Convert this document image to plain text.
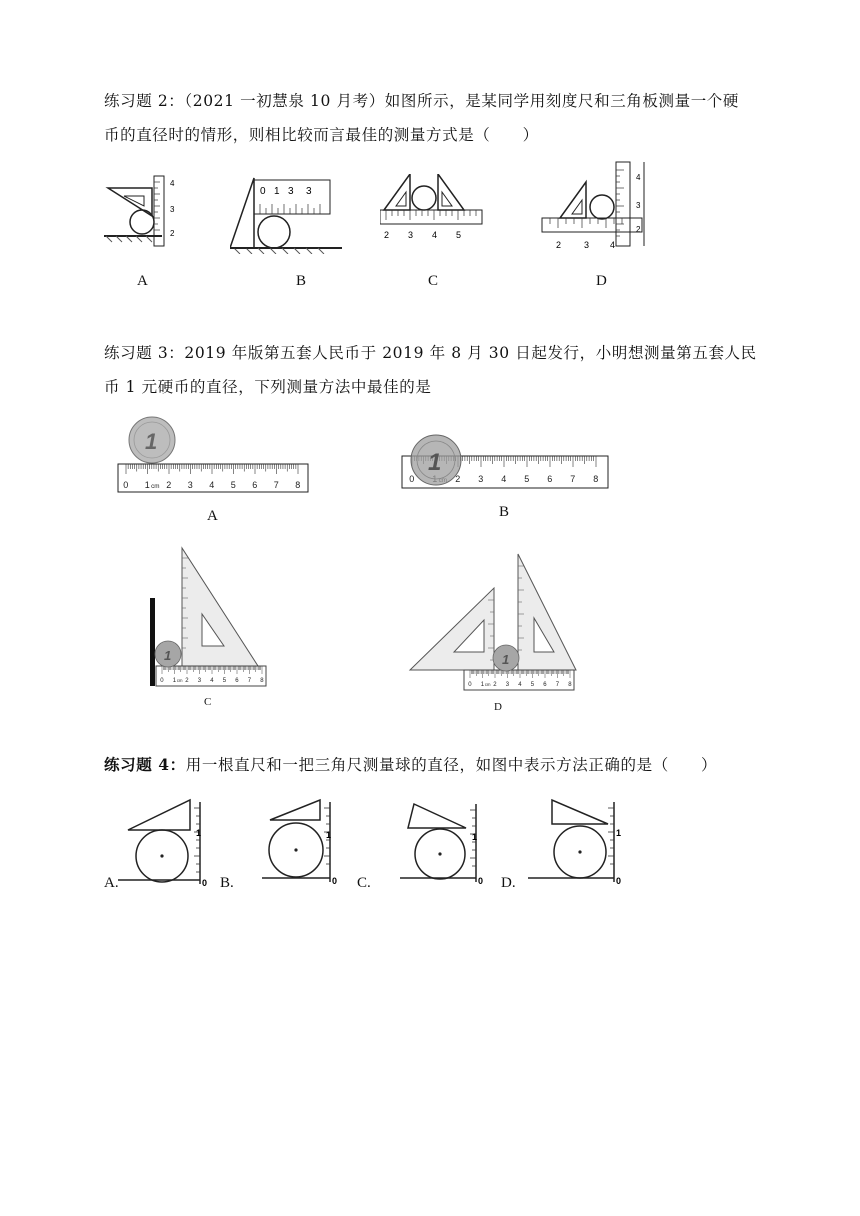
练习题 2：（2021 一初慧泉 10 月考）如图所示，是某同学用刻度尺和三角板测量一个硬
币的直径时的情形，则相比较而言最佳的测量方式是（　　）
4
3
2
0 1 3 3
2 3 4 5
2	3 4
4
3
2
A	B	C	D
练习题 3：2019 年版第五套人民币于 2019 年 8 月 30 日起发行，小明想测量第五套人民
币 1 元硬币的直径，下列测量方法中最佳的是
1
0 1 cm 2 3 4 5 6 7 8
0	2 3 4 5 6 7 8
1
A	B
0 1 cm 2 3 4 5 6 7 8
1
0 1 cm 2 3 4 5 6 7 8
1
C	D
练习题 4：用一根直尺和一把三角尺测量球的直径，如图中表示方法正确的是（　　）
1
0
1
0
1
0
1
0
A.	B.	C.	D.
